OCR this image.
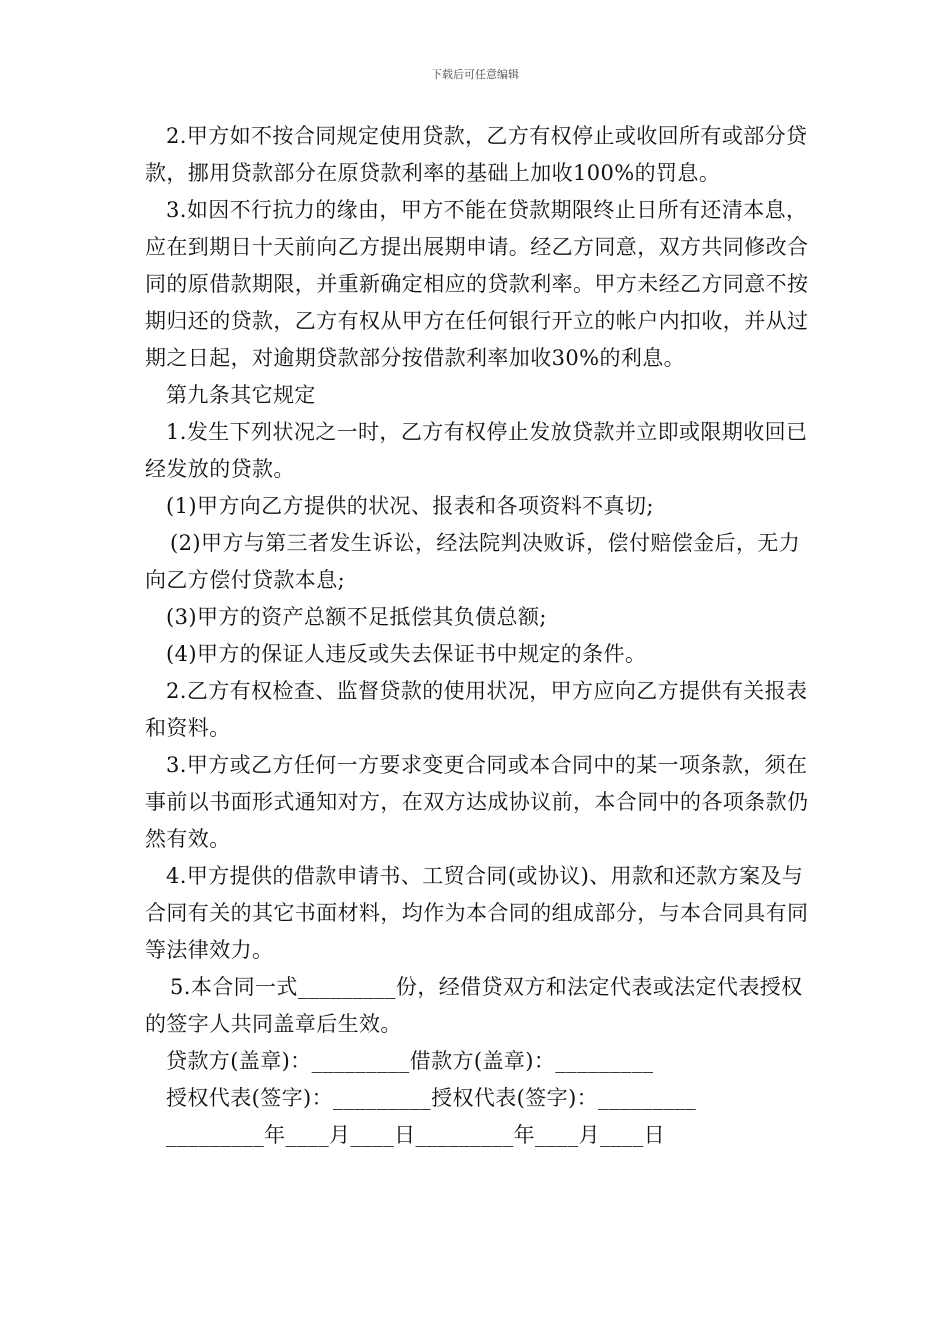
下载后可任意编辑

2.甲方如不按合同规定使用贷款，乙方有权停止或收回所有或部分贷款，挪用贷款部分在原贷款利率的基础上加收100%的罚息。

3.如因不行抗力的缘由，甲方不能在贷款期限终止日所有还清本息，应在到期日十天前向乙方提出展期申请。经乙方同意，双方共同修改合同的原借款期限，并重新确定相应的贷款利率。甲方未经乙方同意不按期归还的贷款，乙方有权从甲方在任何银行开立的帐户内扣收，并从过期之日起，对逾期贷款部分按借款利率加收30%的利息。

第九条其它规定

1.发生下列状况之一时，乙方有权停止发放贷款并立即或限期收回已经发放的贷款。

(1)甲方向乙方提供的状况、报表和各项资料不真切;

(2)甲方与第三者发生诉讼，经法院判决败诉，偿付赔偿金后，无力向乙方偿付贷款本息;

(3)甲方的资产总额不足抵偿其负债总额;

(4)甲方的保证人违反或失去保证书中规定的条件。

2.乙方有权检查、监督贷款的使用状况，甲方应向乙方提供有关报表和资料。

3.甲方或乙方任何一方要求变更合同或本合同中的某一项条款，须在事前以书面形式通知对方，在双方达成协议前，本合同中的各项条款仍然有效。

4.甲方提供的借款申请书、工贸合同(或协议)、用款和还款方案及与合同有关的其它书面材料，均作为本合同的组成部分，与本合同具有同等法律效力。

5.本合同一式_________份，经借贷双方和法定代表或法定代表授权的签字人共同盖章后生效。

贷款方(盖章)：_________借款方(盖章)：_________

授权代表(签字)：_________授权代表(签字)：_________

_________年____月____日_________年____月____日
